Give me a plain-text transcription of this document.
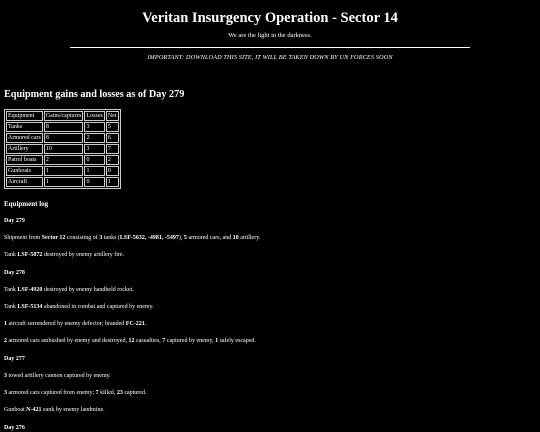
Veritan Insurgency Operation - Sector 14
We are the light in the darkness.
IMPORTANT: DOWNLOAD THIS SITE, IT WILL BE TAKEN DOWN BY UN FORCES SOON
Equipment gains and losses as of Day 279
Equipment	Gains/captures	Losses	Net
Tanks	8	3	5
Armored cars	8	2	6
Artillery	10	3	7
Patrol boats	2	0	2
Gunboats	1	1	0
Aircraft	1	0	1
Equipment log

Day 279

Shipment from Sector 12 consisting of 3 tanks (LSF-5632, -4981, -5497), 5 armored cars, and 10 artillery.

Tank LSF-5872 destroyed by enemy artillery fire.

Day 278

Tank LSF-4920 destroyed by enemy handheld rocket.

Tank LSF-5134 abandoned in combat and captured by enemy.

1 aircraft surrendered by enemy defector; branded FC-221.

2 armored cars ambushed by enemy and destroyed, 12 casualties, 7 captured by enemy, 1 safely escaped.

Day 277

3 towed artillery cannon captured by enemy.

3 armored cars captured from enemy; 7 killed, 23 captured.

Gunboat N-421 sunk by enemy landmine.

Day 276
